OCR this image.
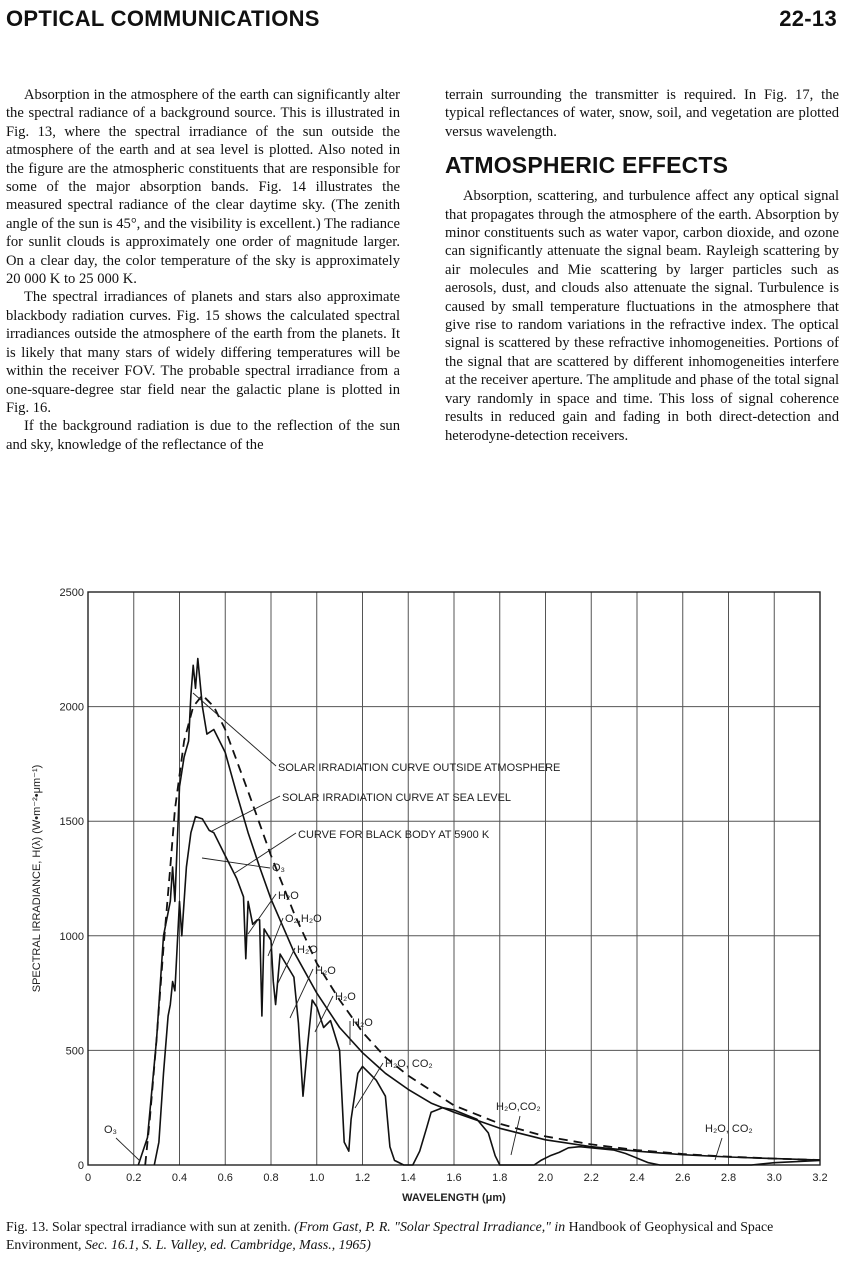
OPTICAL COMMUNICATIONS	22-13

Absorption in the atmosphere of the earth can significantly alter the spectral radiance of a background source. This is illustrated in Fig. 13, where the spectral irradiance of the sun outside the atmosphere of the earth and at sea level is plotted. Also noted in the figure are the atmospheric constituents that are responsible for some of the major absorption bands. Fig. 14 illustrates the measured spectral radiance of the clear daytime sky. (The zenith angle of the sun is 45°, and the visibility is excellent.) The radiance for sunlit clouds is approximately one order of magnitude larger. On a clear day, the color temperature of the sky is approximately 20 000 K to 25 000 K.

The spectral irradiances of planets and stars also approximate blackbody radiation curves. Fig. 15 shows the calculated spectral irradiances outside the atmosphere of the earth from the planets. It is likely that many stars of widely differing temperatures will be within the receiver FOV. The probable spectral irradiance from a one-square-degree star field near the galactic plane is plotted in Fig. 16.

If the background radiation is due to the reflection of the sun and sky, knowledge of the reflectance of the

terrain surrounding the transmitter is required. In Fig. 17, the typical reflectances of water, snow, soil, and vegetation are plotted versus wavelength.

ATMOSPHERIC EFFECTS

Absorption, scattering, and turbulence affect any optical signal that propagates through the atmosphere of the earth. Absorption by minor constituents such as water vapor, carbon dioxide, and ozone can significantly attenuate the signal beam. Rayleigh scattering by air molecules and Mie scattering by larger particles such as aerosols, dust, and clouds also attenuate the signal. Turbulence is caused by small temperature fluctuations in the atmosphere that give rise to random variations in the refractive index. The optical signal is scattered by these refractive inhomogeneities. Portions of the signal that are scattered by different inhomogeneities interfere at the receiver aperture. The amplitude and phase of the total signal vary randomly in space and time. This loss of signal coherence results in reduced gain and fading in both direct-detection and heterodyne-detection receivers.

0	0.2	0.4	0.6	0.8	1.0	1.2	1.4	1.6	1.8	2.0	2.2	2.4	2.6	2.8	3.0	3.2
0
500
1000
1500
2000
2500
WAVELENGTH (μm)
SPECTRAL IRRADIANCE, H(λ) (W•m⁻²•μm⁻¹)	SOLAR IRRADIATION CURVE OUTSIDE ATMOSPHERE
SOLAR IRRADIATION CURVE AT SEA LEVEL
CURVE FOR BLACK BODY AT 5900 K
O₃
H₂O
O₂,H₂O
H₂O
H₂O
H₂O
H₂O
H₂O, CO₂
H₂O,CO₂
H₂O, CO₂
O₃
Fig. 13. Solar spectral irradiance with sun at zenith. (From Gast, P. R. "Solar Spectral Irradiance," in Handbook of Geophysical and Space Environment, Sec. 16.1, S. L. Valley, ed. Cambridge, Mass., 1965)
